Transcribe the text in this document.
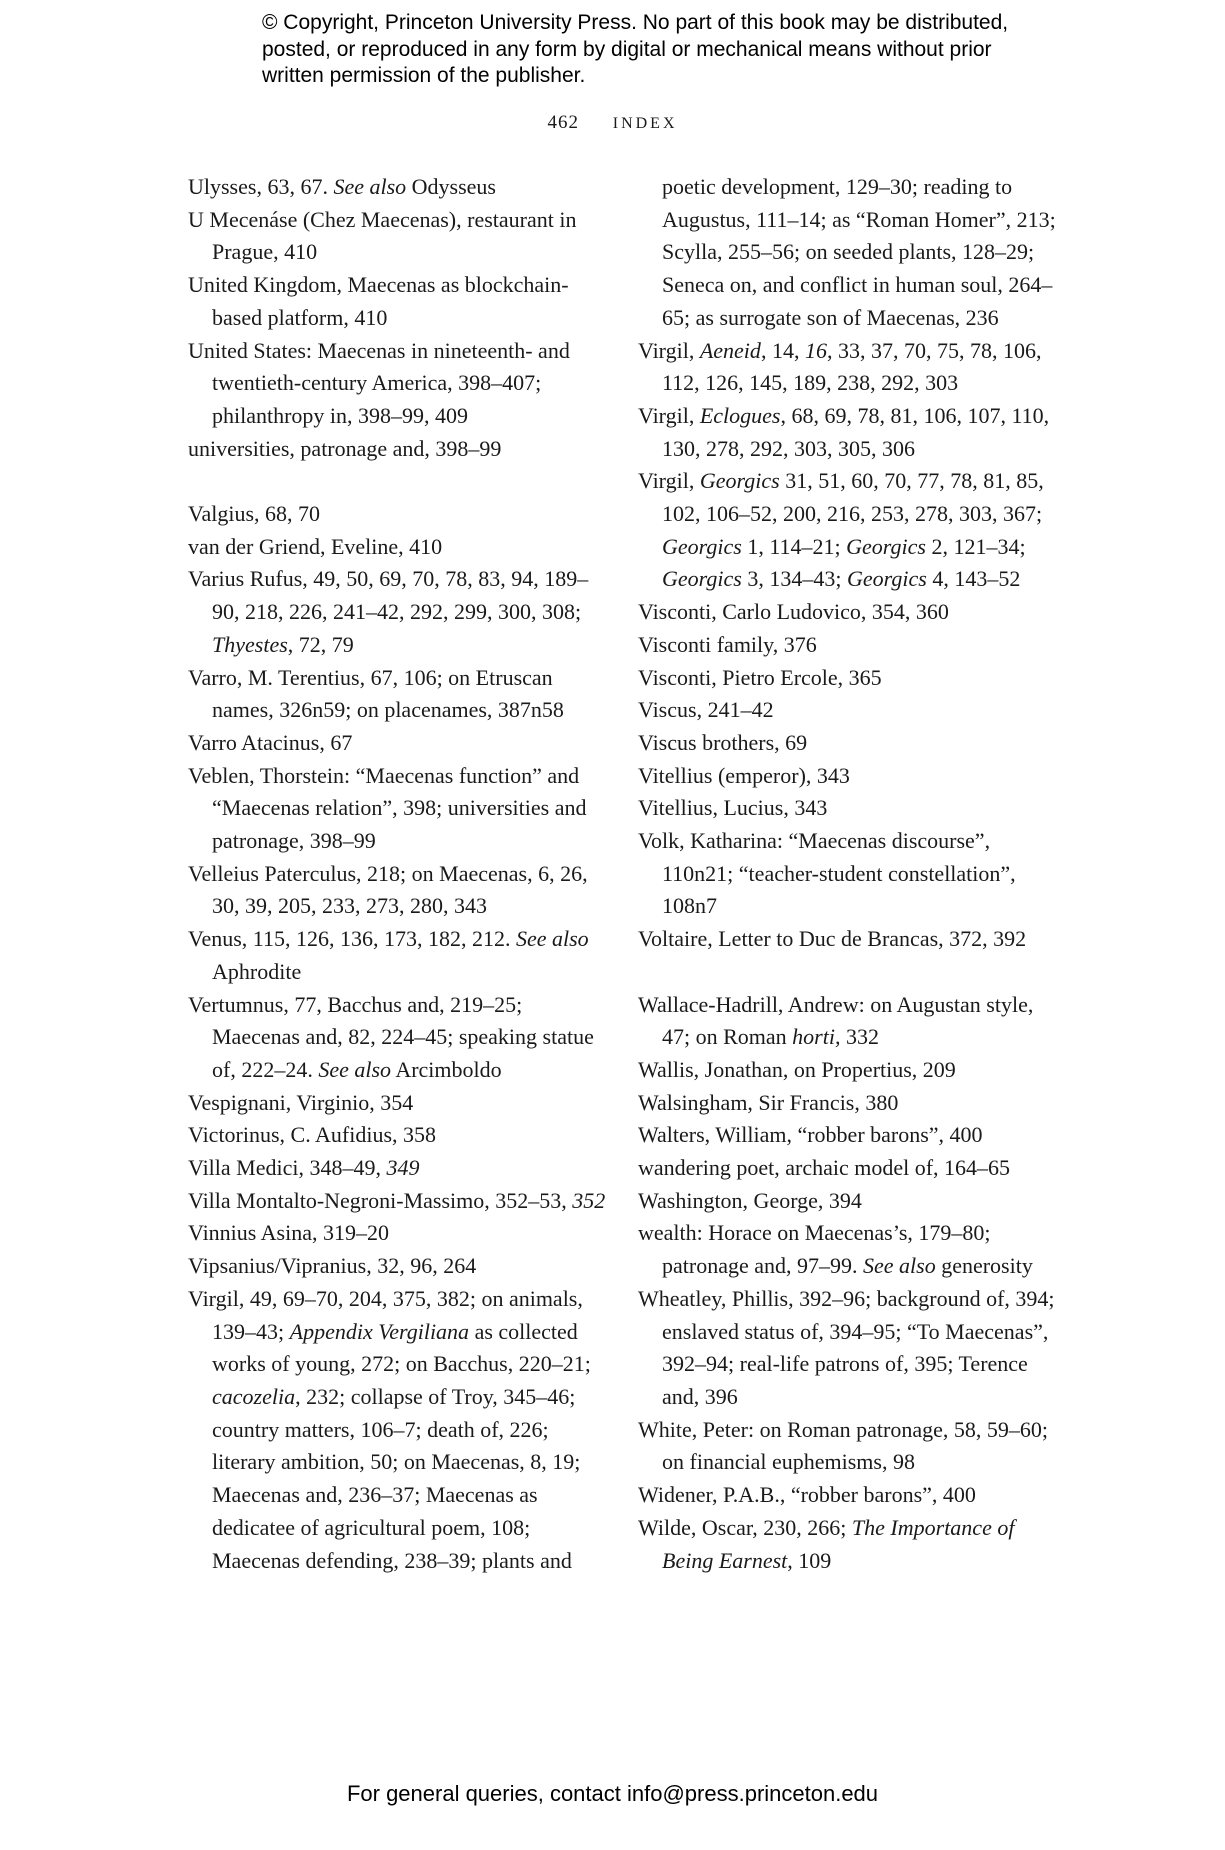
© Copyright, Princeton University Press. No part of this book may be distributed, posted, or reproduced in any form by digital or mechanical means without prior written permission of the publisher.
462 INDEX

Ulysses, 63, 67. See also Odysseus

U Mecenáse (Chez Maecenas), restaurant in Prague, 410

United Kingdom, Maecenas as blockchain-based platform, 410

United States: Maecenas in nineteenth- and twentieth-century America, 398–407; philanthropy in, 398–99, 409

universities, patronage and, 398–99

Valgius, 68, 70

van der Griend, Eveline, 410

Varius Rufus, 49, 50, 69, 70, 78, 83, 94, 189–90, 218, 226, 241–42, 292, 299, 300, 308; Thyestes, 72, 79

Varro, M. Terentius, 67, 106; on Etruscan names, 326n59; on placenames, 387n58

Varro Atacinus, 67

Veblen, Thorstein: “Maecenas function” and “Maecenas relation”, 398; universities and patronage, 398–99

Velleius Paterculus, 218; on Maecenas, 6, 26, 30, 39, 205, 233, 273, 280, 343

Venus, 115, 126, 136, 173, 182, 212. See also Aphrodite

Vertumnus, 77, Bacchus and, 219–25; Maecenas and, 82, 224–45; speaking statue of, 222–24. See also Arcimboldo

Vespignani, Virginio, 354

Victorinus, C. Aufidius, 358

Villa Medici, 348–49, 349

Villa Montalto-Negroni-Massimo, 352–53, 352

Vinnius Asina, 319–20

Vipsanius/Vipranius, 32, 96, 264

Virgil, 49, 69–70, 204, 375, 382; on animals, 139–43; Appendix Vergiliana as collected works of young, 272; on Bacchus, 220–21; cacozelia, 232; collapse of Troy, 345–46; country matters, 106–7; death of, 226; literary ambition, 50; on Maecenas, 8, 19; Maecenas and, 236–37; Maecenas as dedicatee of agricultural poem, 108; Maecenas defending, 238–39; plants and

poetic development, 129–30; reading to Augustus, 111–14; as “Roman Homer”, 213; Scylla, 255–56; on seeded plants, 128–29; Seneca on, and conflict in human soul, 264–65; as surrogate son of Maecenas, 236

Virgil, Aeneid, 14, 16, 33, 37, 70, 75, 78, 106, 112, 126, 145, 189, 238, 292, 303

Virgil, Eclogues, 68, 69, 78, 81, 106, 107, 110, 130, 278, 292, 303, 305, 306

Virgil, Georgics 31, 51, 60, 70, 77, 78, 81, 85, 102, 106–52, 200, 216, 253, 278, 303, 367; Georgics 1, 114–21; Georgics 2, 121–34; Georgics 3, 134–43; Georgics 4, 143–52

Visconti, Carlo Ludovico, 354, 360

Visconti family, 376

Visconti, Pietro Ercole, 365

Viscus, 241–42

Viscus brothers, 69

Vitellius (emperor), 343

Vitellius, Lucius, 343

Volk, Katharina: “Maecenas discourse”, 110n21; “teacher-student constellation”, 108n7

Voltaire, Letter to Duc de Brancas, 372, 392

Wallace-Hadrill, Andrew: on Augustan style, 47; on Roman horti, 332

Wallis, Jonathan, on Propertius, 209

Walsingham, Sir Francis, 380

Walters, William, “robber barons”, 400

wandering poet, archaic model of, 164–65

Washington, George, 394

wealth: Horace on Maecenas’s, 179–80; patronage and, 97–99. See also generosity

Wheatley, Phillis, 392–96; background of, 394; enslaved status of, 394–95; “To Maecenas”, 392–94; real-life patrons of, 395; Terence and, 396

White, Peter: on Roman patronage, 58, 59–60; on financial euphemisms, 98

Widener, P.A.B., “robber barons”, 400

Wilde, Oscar, 230, 266; The Importance of Being Earnest, 109

For general queries, contact info@press.princeton.edu
